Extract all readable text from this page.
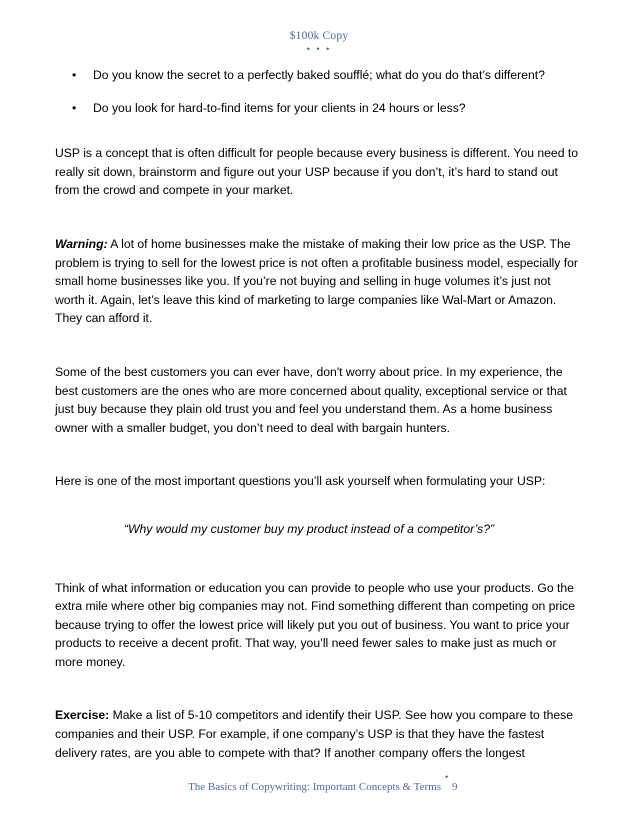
$100k Copy
• • •
• Do you know the secret to a perfectly baked soufflé; what do you do that’s different?
• Do you look for hard-to-find items for your clients in 24 hours or less?

USP is a concept that is often difficult for people because every business is different. You need to really sit down, brainstorm and figure out your USP because if you don’t, it’s hard to stand out from the crowd and compete in your market.

Warning: A lot of home businesses make the mistake of making their low price as the USP. The problem is trying to sell for the lowest price is not often a profitable business model, especially for small home businesses like you. If you’re not buying and selling in huge volumes it’s just not worth it. Again, let’s leave this kind of marketing to large companies like Wal-Mart or Amazon. They can afford it.

Some of the best customers you can ever have, don't worry about price. In my experience, the best customers are the ones who are more concerned about quality, exceptional service or that just buy because they plain old trust you and feel you understand them. As a home business owner with a smaller budget, you don’t need to deal with bargain hunters.

Here is one of the most important questions you’ll ask yourself when formulating your USP:

“Why would my customer buy my product instead of a competitor’s?”

Think of what information or education you can provide to people who use your products. Go the extra mile where other big companies may not. Find something different than competing on price because trying to offer the lowest price will likely put you out of business. You want to price your products to receive a decent profit. That way, you’ll need fewer sales to make just as much or more money.

Exercise: Make a list of 5-10 competitors and identify their USP. See how you compare to these companies and their USP. For example, if one company’s USP is that they have the fastest delivery rates, are you able to compete with that? If another company offers the longest

The Basics of Copywriting: Important Concepts & Terms
•
9
